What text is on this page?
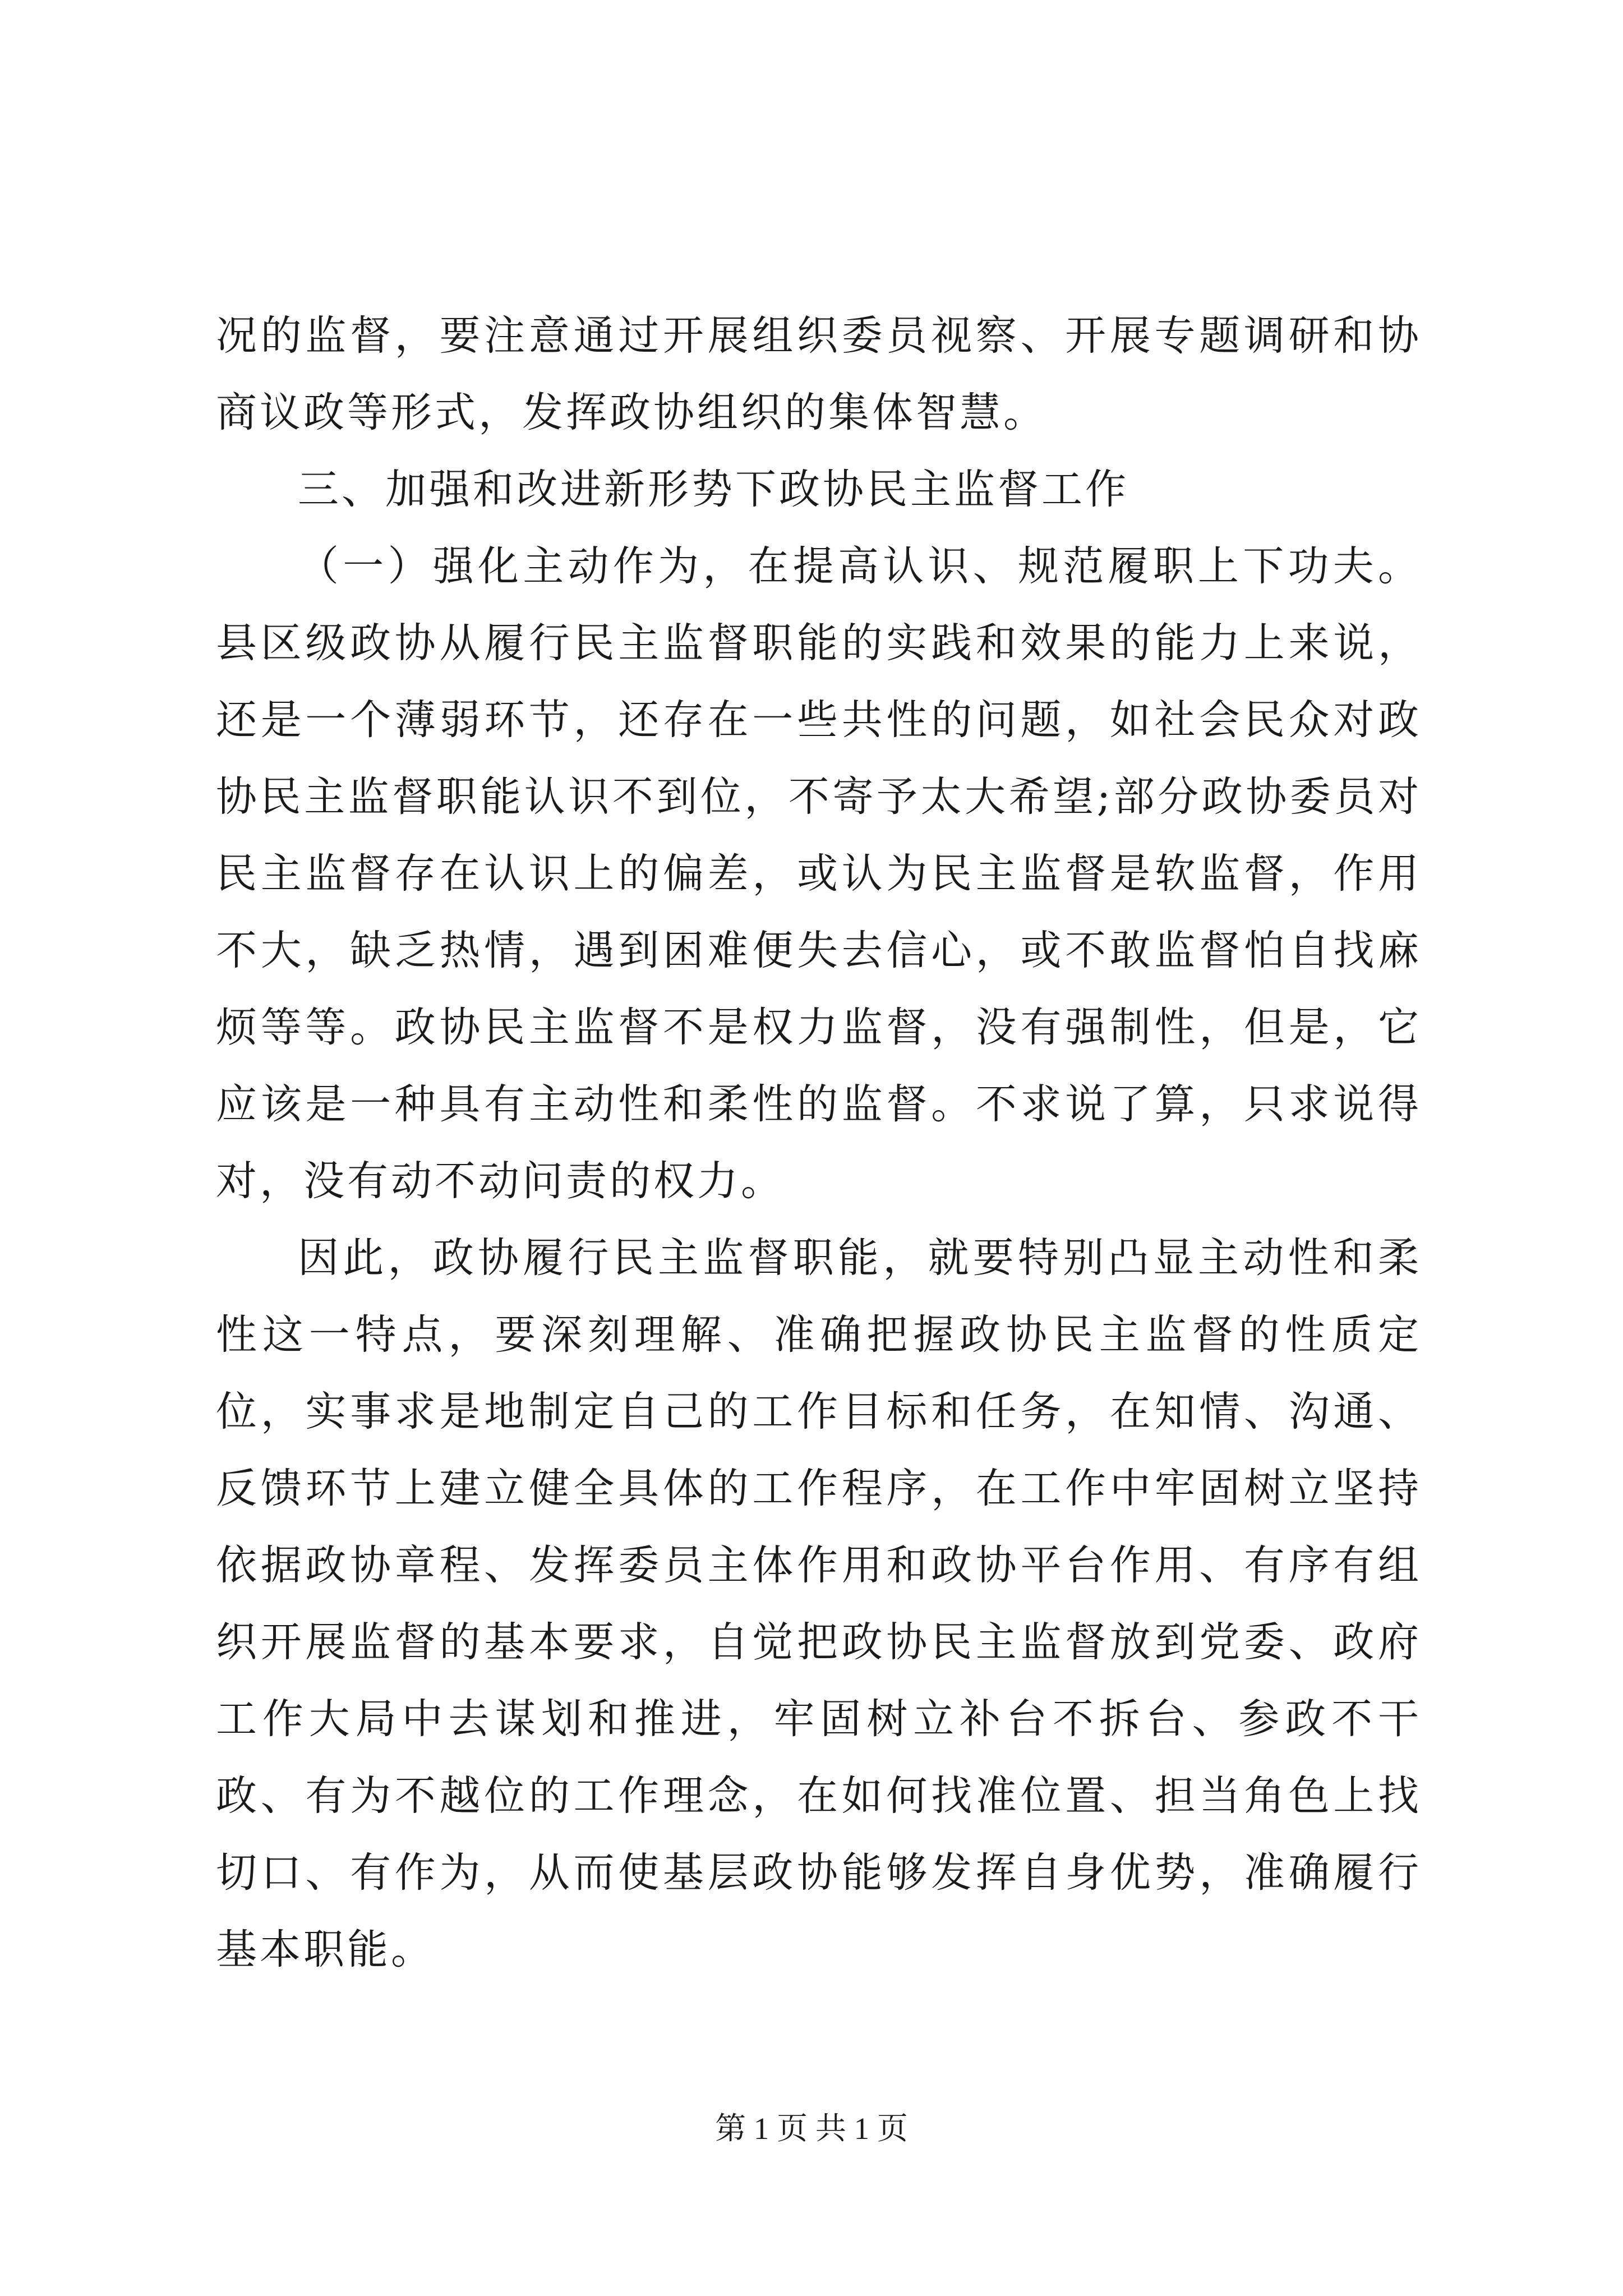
况的监督，要注意通过开展组织委员视察、开展专题调研和协商议政等形式，发挥政协组织的集体智慧。

三、加强和改进新形势下政协民主监督工作

（一）强化主动作为，在提高认识、规范履职上下功夫。县区级政协从履行民主监督职能的实践和效果的能力上来说，还是一个薄弱环节，还存在一些共性的问题，如社会民众对政协民主监督职能认识不到位，不寄予太大希望;部分政协委员对民主监督存在认识上的偏差，或认为民主监督是软监督，作用不大，缺乏热情，遇到困难便失去信心，或不敢监督怕自找麻烦等等。政协民主监督不是权力监督，没有强制性，但是，它应该是一种具有主动性和柔性的监督。不求说了算，只求说得对，没有动不动问责的权力。

因此，政协履行民主监督职能，就要特别凸显主动性和柔性这一特点，要深刻理解、准确把握政协民主监督的性质定位，实事求是地制定自己的工作目标和任务，在知情、沟通、反馈环节上建立健全具体的工作程序，在工作中牢固树立坚持依据政协章程、发挥委员主体作用和政协平台作用、有序有组织开展监督的基本要求，自觉把政协民主监督放到党委、政府工作大局中去谋划和推进，牢固树立补台不拆台、参政不干政、有为不越位的工作理念，在如何找准位置、担当角色上找切口、有作为，从而使基层政协能够发挥自身优势，准确履行基本职能。

第 1 页 共 1 页
